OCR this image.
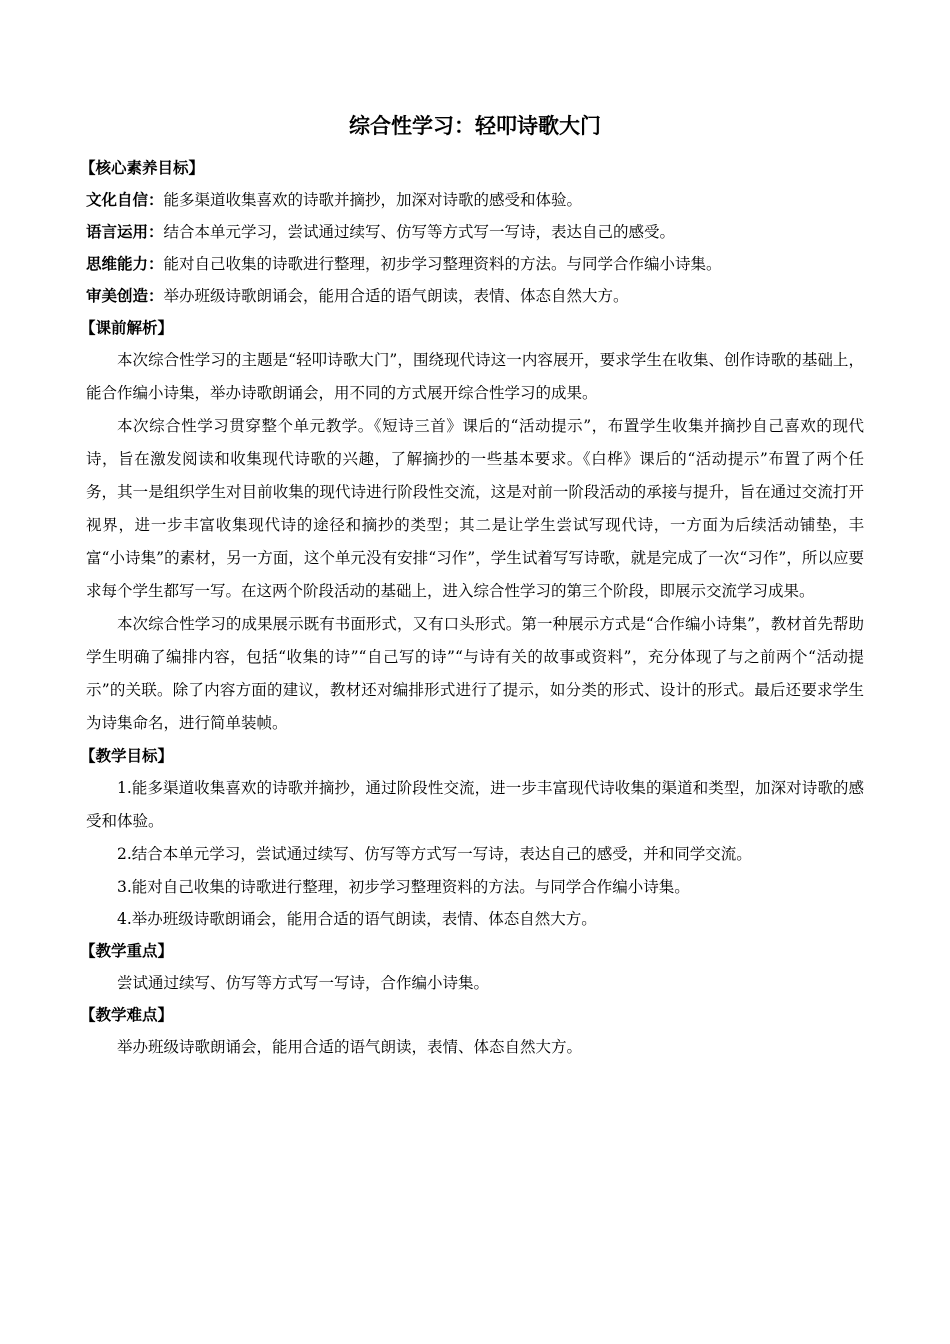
综合性学习：轻叩诗歌大门
【核心素养目标】
文化自信：能多渠道收集喜欢的诗歌并摘抄，加深对诗歌的感受和体验。
语言运用：结合本单元学习，尝试通过续写、仿写等方式写一写诗，表达自己的感受。
思维能力：能对自己收集的诗歌进行整理，初步学习整理资料的方法。与同学合作编小诗集。
审美创造：举办班级诗歌朗诵会，能用合适的语气朗读，表情、体态自然大方。
【课前解析】

本次综合性学习的主题是“轻叩诗歌大门”，围绕现代诗这一内容展开，要求学生在收集、创作诗歌的基础上，能合作编小诗集，举办诗歌朗诵会，用不同的方式展开综合性学习的成果。

本次综合性学习贯穿整个单元教学。《短诗三首》课后的“活动提示”，布置学生收集并摘抄自己喜欢的现代诗，旨在激发阅读和收集现代诗歌的兴趣，了解摘抄的一些基本要求。《白桦》课后的“活动提示”布置了两个任务，其一是组织学生对目前收集的现代诗进行阶段性交流，这是对前一阶段活动的承接与提升，旨在通过交流打开视界，进一步丰富收集现代诗的途径和摘抄的类型；其二是让学生尝试写现代诗，一方面为后续活动铺垫，丰富“小诗集”的素材，另一方面，这个单元没有安排“习作”，学生试着写写诗歌，就是完成了一次“习作”，所以应要求每个学生都写一写。在这两个阶段活动的基础上，进入综合性学习的第三个阶段，即展示交流学习成果。

本次综合性学习的成果展示既有书面形式，又有口头形式。第一种展示方式是“合作编小诗集”，教材首先帮助学生明确了编排内容，包括“收集的诗”“自己写的诗”“与诗有关的故事或资料”，充分体现了与之前两个“活动提示”的关联。除了内容方面的建议，教材还对编排形式进行了提示，如分类的形式、设计的形式。最后还要求学生为诗集命名，进行简单装帧。

【教学目标】

1.能多渠道收集喜欢的诗歌并摘抄，通过阶段性交流，进一步丰富现代诗收集的渠道和类型，加深对诗歌的感受和体验。

2.结合本单元学习，尝试通过续写、仿写等方式写一写诗，表达自己的感受，并和同学交流。

3.能对自己收集的诗歌进行整理，初步学习整理资料的方法。与同学合作编小诗集。

4.举办班级诗歌朗诵会，能用合适的语气朗读，表情、体态自然大方。

【教学重点】

尝试通过续写、仿写等方式写一写诗，合作编小诗集。

【教学难点】

举办班级诗歌朗诵会，能用合适的语气朗读，表情、体态自然大方。
